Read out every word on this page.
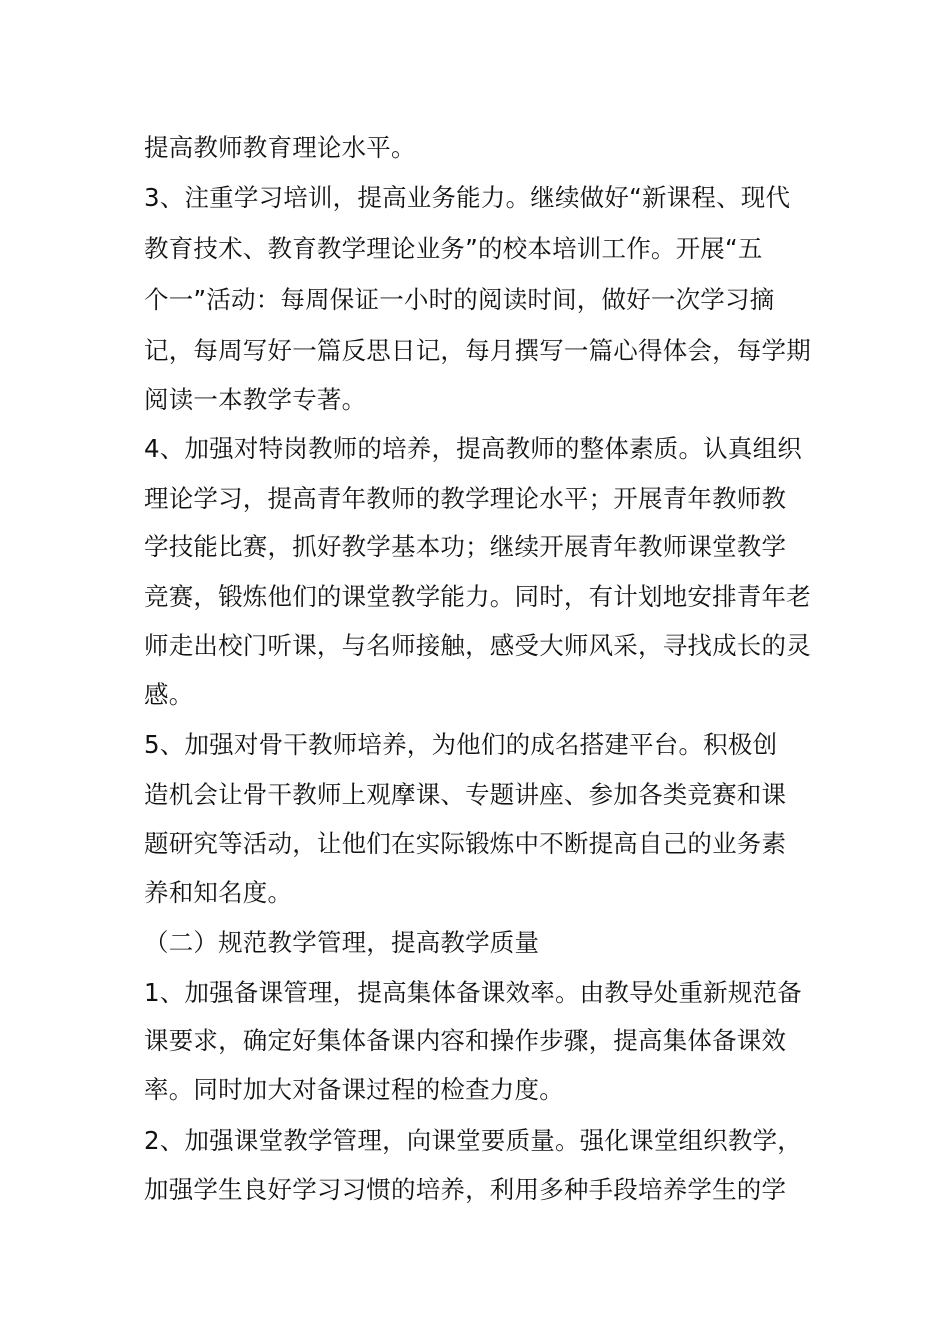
提高教师教育理论水平。
3、注重学习培训，提高业务能力。继续做好“新课程、现代
教育技术、教育教学理论业务”的校本培训工作。开展“五
个一”活动：每周保证一小时的阅读时间，做好一次学习摘
记，每周写好一篇反思日记，每月撰写一篇心得体会，每学期
阅读一本教学专著。
4、加强对特岗教师的培养，提高教师的整体素质。认真组织
理论学习，提高青年教师的教学理论水平；开展青年教师教
学技能比赛，抓好教学基本功；继续开展青年教师课堂教学
竞赛，锻炼他们的课堂教学能力。同时，有计划地安排青年老
师走出校门听课，与名师接触，感受大师风采，寻找成长的灵
感。
5、加强对骨干教师培养，为他们的成名搭建平台。积极创
造机会让骨干教师上观摩课、专题讲座、参加各类竞赛和课
题研究等活动，让他们在实际锻炼中不断提高自己的业务素
养和知名度。
（二）规范教学管理，提高教学质量
1、加强备课管理，提高集体备课效率。由教导处重新规范备
课要求，确定好集体备课内容和操作步骤，提高集体备课效
率。同时加大对备课过程的检查力度。
2、加强课堂教学管理，向课堂要质量。强化课堂组织教学，
加强学生良好学习习惯的培养，利用多种手段培养学生的学
